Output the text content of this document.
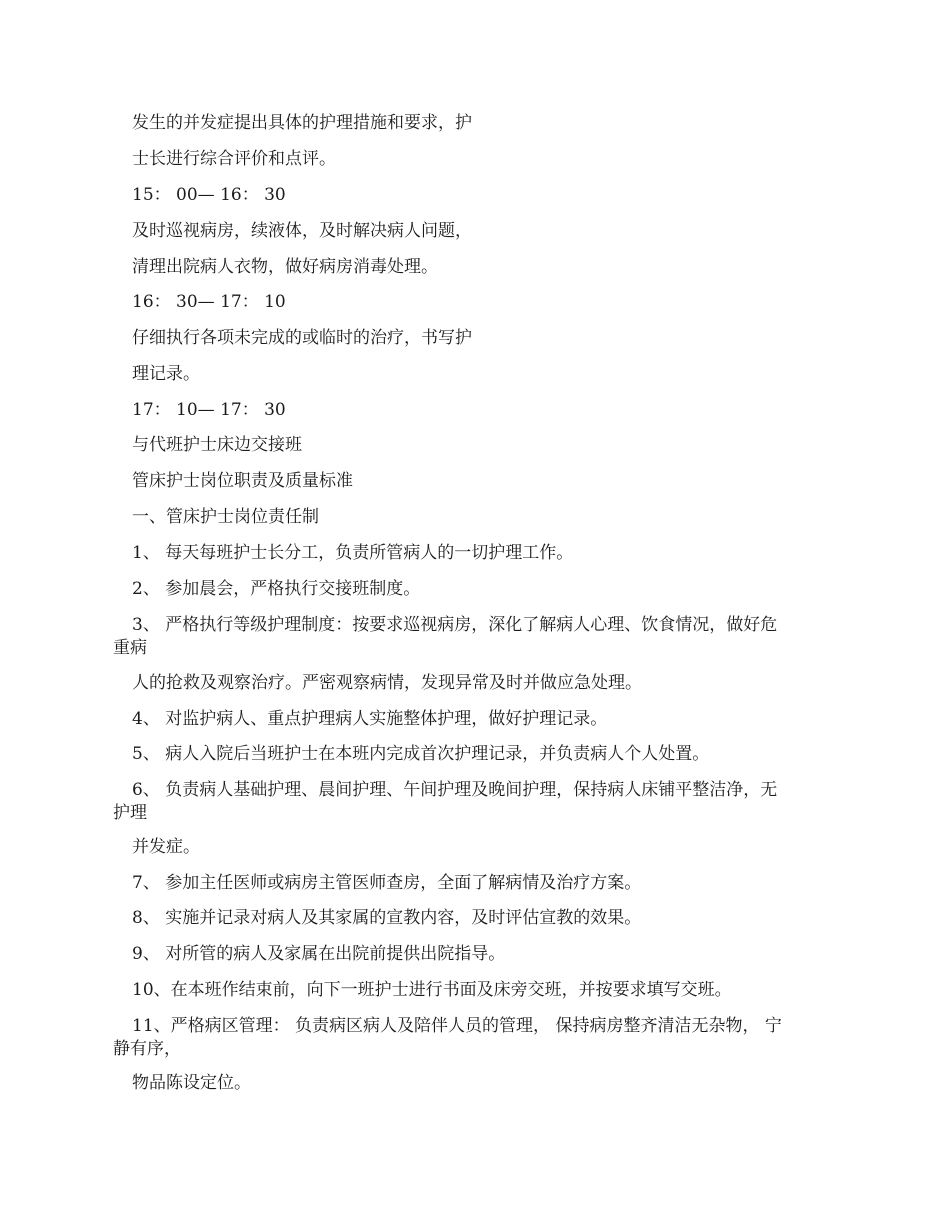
发生的并发症提出具体的护理措施和要求，护
士长进行综合评价和点评。
15： 00— 16： 30
及时巡视病房，续液体，及时解决病人问题，
清理出院病人衣物，做好病房消毒处理。
16： 30— 17： 10
仔细执行各项未完成的或临时的治疗，书写护
理记录。
17： 10— 17： 30
与代班护士床边交接班
管床护士岗位职责及质量标准
一、管床护士岗位责任制
1、 每天每班护士长分工，负责所管病人的一切护理工作。
2、 参加晨会，严格执行交接班制度。
3、 严格执行等级护理制度：按要求巡视病房，深化了解病人心理、饮食情况，做好危
重病
人的抢救及观察治疗。严密观察病情，发现异常及时并做应急处理。
4、 对监护病人、重点护理病人实施整体护理，做好护理记录。
5、 病人入院后当班护士在本班内完成首次护理记录，并负责病人个人处置。
6、 负责病人基础护理、晨间护理、午间护理及晚间护理，保持病人床铺平整洁净，无
护理
并发症。
7、 参加主任医师或病房主管医师查房，全面了解病情及治疗方案。
8、 实施并记录对病人及其家属的宣教内容，及时评估宣教的效果。
9、 对所管的病人及家属在出院前提供出院指导。
10、在本班作结束前，向下一班护士进行书面及床旁交班，并按要求填写交班。
11、严格病区管理： 负责病区病人及陪伴人员的管理， 保持病房整齐清洁无杂物， 宁
静有序，
物品陈设定位。
